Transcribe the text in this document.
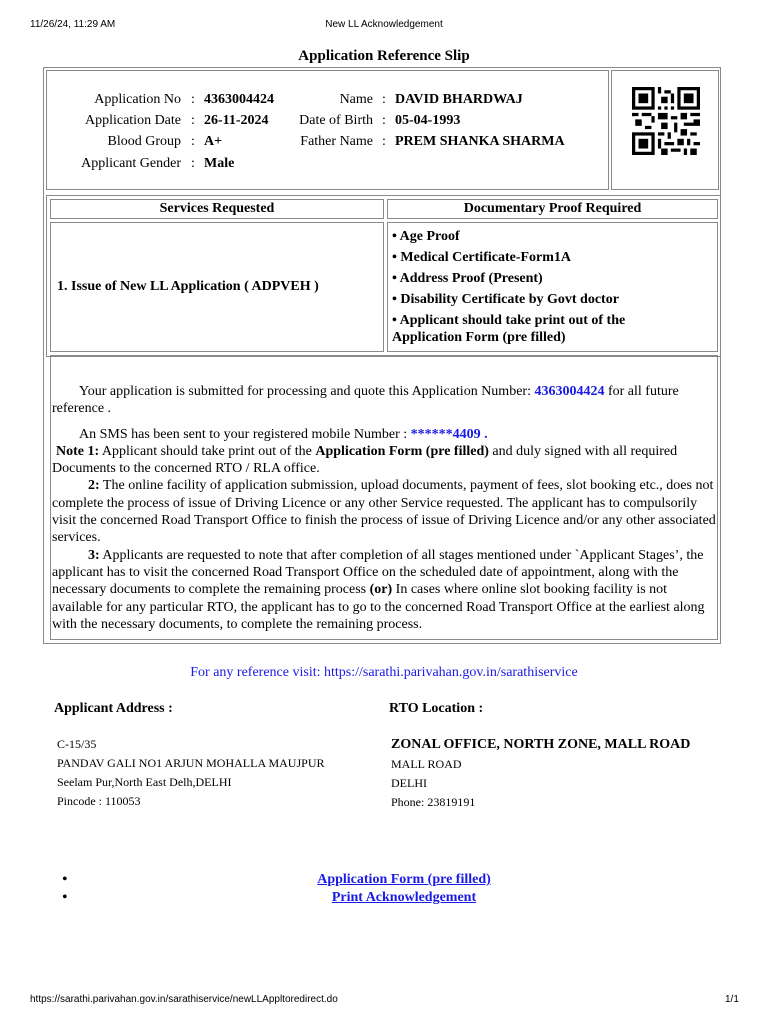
11/26/24, 11:29 AM	New LL Acknowledgement
Application Reference Slip
Application No : 4363004424
Application Date : 26-11-2024
Blood Group : A+
Applicant Gender : Male
Name : DAVID BHARDWAJ
Date of Birth : 05-04-1993
Father Name : PREM SHANKA SHARMA
Services Requested	Documentary Proof Required
1. Issue of New LL Application ( ADPVEH )
• Age Proof
• Medical Certificate-Form1A
• Address Proof (Present)
• Disability Certificate by Govt doctor
• Applicant should take print out of the Application Form (pre filled)

Your application is submitted for processing and quote this Application Number: 4363004424 for all future reference .

An SMS has been sent to your registered mobile Number : ******4409 .

Note 1: Applicant should take print out of the Application Form (pre filled) and duly signed with all required Documents to the concerned RTO / RLA office.

2: The online facility of application submission, upload documents, payment of fees, slot booking etc., does not complete the process of issue of Driving Licence or any other Service requested. The applicant has to compulsorily visit the concerned Road Transport Office to finish the process of issue of Driving Licence and/or any other associated services.

3: Applicants are requested to note that after completion of all stages mentioned under `Applicant Stages’, the applicant has to visit the concerned Road Transport Office on the scheduled date of appointment, along with the necessary documents to complete the remaining process (or) In cases where online slot booking facility is not available for any particular RTO, the applicant has to go to the concerned Road Transport Office at the earliest along with the necessary documents, to complete the remaining process.

For any reference visit: https://sarathi.parivahan.gov.in/sarathiservice
Applicant Address :	RTO Location :
C-15/35
PANDAV GALI NO1 ARJUN MOHALLA MAUJPUR
Seelam Pur,North East Delh,DELHI
Pincode : 110053
ZONAL OFFICE, NORTH ZONE, MALL ROAD
MALL ROAD
DELHI
Phone: 23819191
•
•
Application Form (pre filled)
Print Acknowledgement
https://sarathi.parivahan.gov.in/sarathiservice/newLLAppltoredirect.do	1/1
